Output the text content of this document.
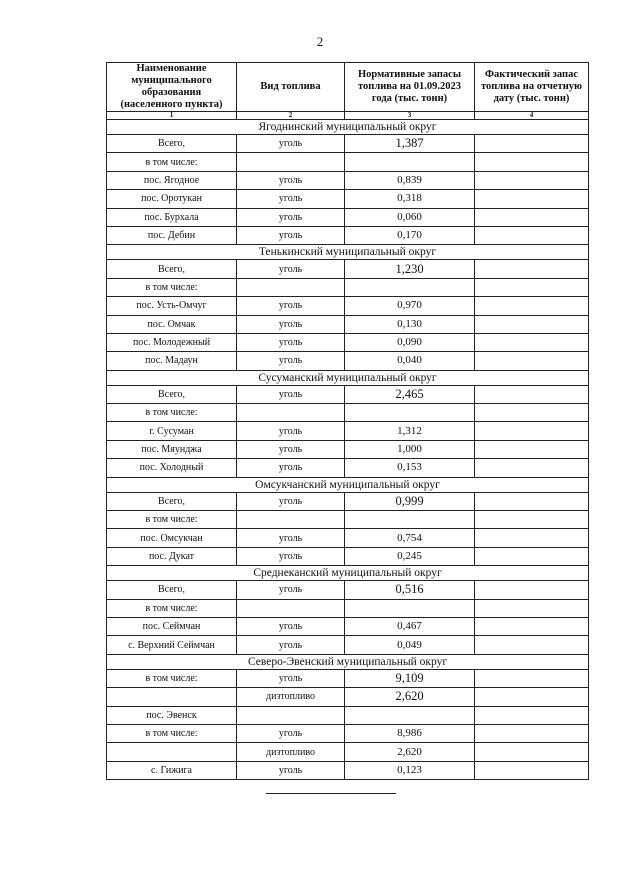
2
Наименование муниципального образования (населенного пункта)	Вид топлива	Нормативные запасы топлива на 01.09.2023 года (тыс. тонн)	Фактический запас топлива на отчетную дату (тыс. тонн)
1	2	3	4
Ягоднинский муниципальный округ			
Всего,	уголь	1,387	
в том числе:			
пос. Ягодное	уголь	0,839	
пос. Оротукан	уголь	0,318	
пос. Бурхала	уголь	0,060	
пос. Дебин	уголь	0,170	
Тенькинский муниципальный округ			
Всего,	уголь	1,230	
в том числе:			
пос. Усть-Омчуг	уголь	0,970	
пос. Омчак	уголь	0,130	
пос. Молодежный	уголь	0,090	
пос. Мадаун	уголь	0,040	
Сусуманский муниципальный округ			
Всего,	уголь	2,465	
в том числе:			
г. Сусуман	уголь	1,312	
пос. Мяунджа	уголь	1,000	
пос. Холодный	уголь	0,153	
Омсукчанский муниципальный округ			
Всего,	уголь	0,999	
в том числе:			
пос. Омсукчан	уголь	0,754	
пос. Дукат	уголь	0,245	
Среднеканский муниципальный округ			
Всего,	уголь	0,516	
в том числе:			
пос. Сеймчан	уголь	0,467	
с. Верхний Сеймчан	уголь	0,049	
Северо-Эвенский муниципальный округ			
в том числе:	уголь	9,109	
	дизтопливо	2,620	
пос. Эвенск			
в том числе:	уголь	8,986	
	дизтопливо	2,620	
с. Гижига	уголь	0,123	
